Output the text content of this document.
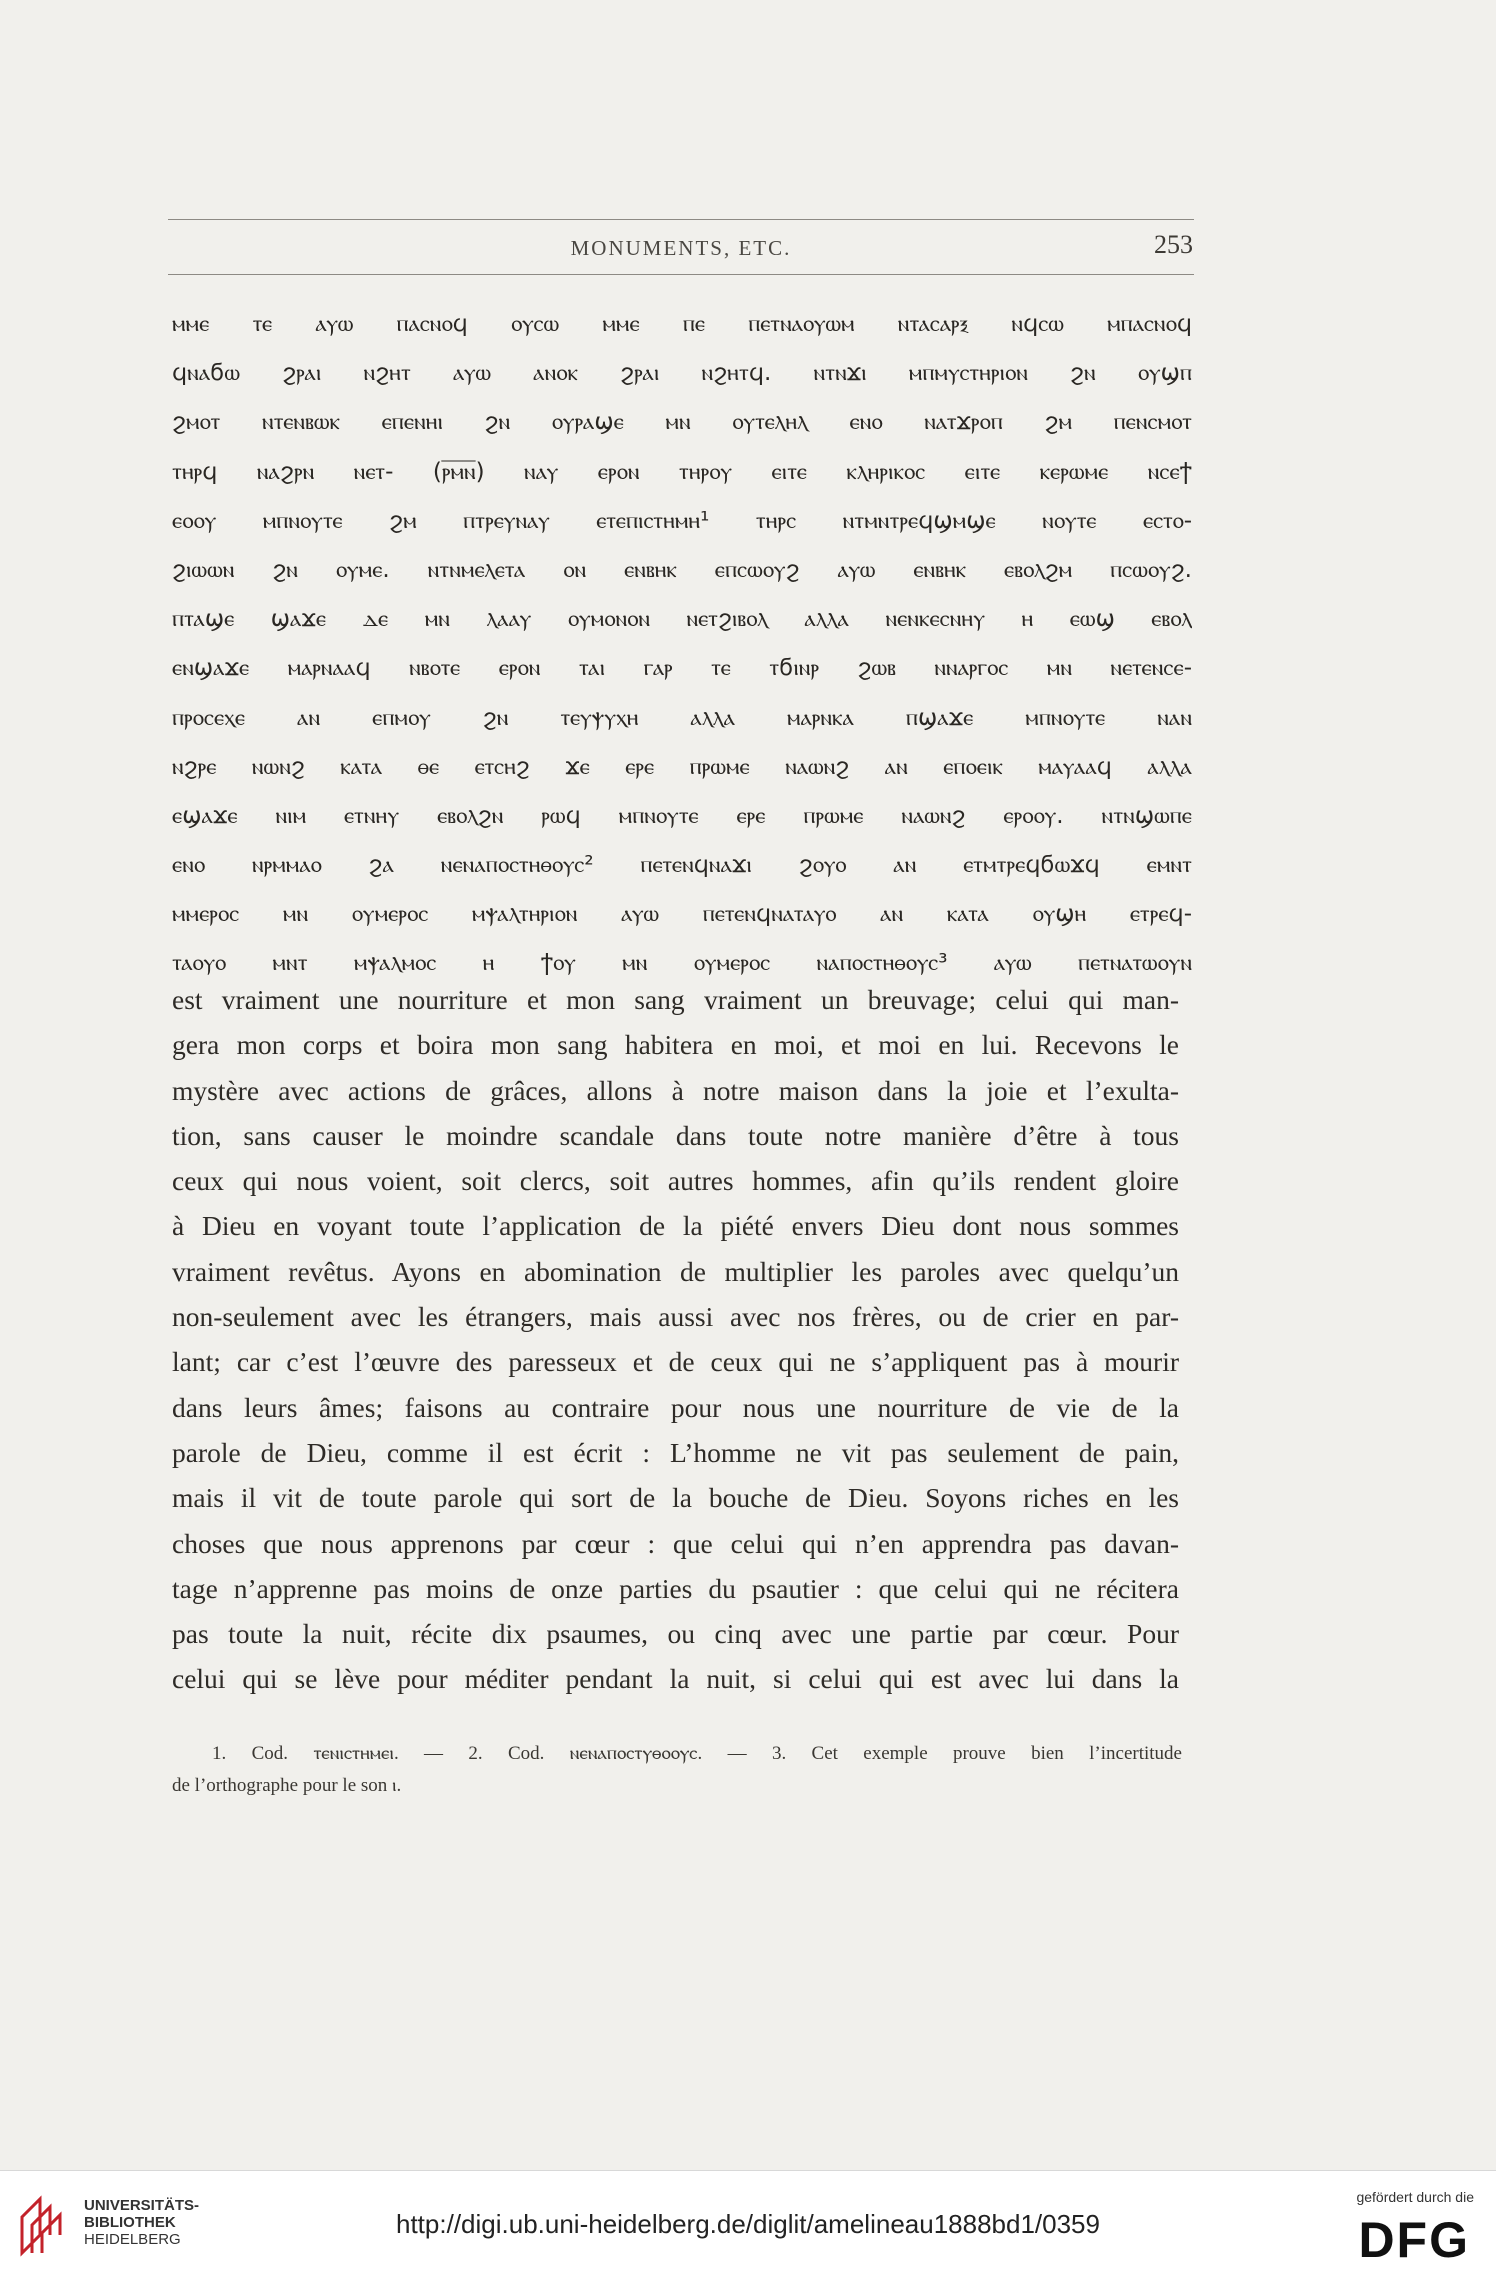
MONUMENTS, ETC.	253
ⲙⲙⲉ ⲧⲉ ⲁⲩⲱ ⲡⲁⲥⲛⲟϥ ⲟⲩⲥⲱ ⲙⲙⲉ ⲡⲉ ⲡⲉⲧⲛⲁⲟⲩⲱⲙ ⲛⲧⲁⲥⲁⲣⲝ ⲛϥⲥⲱ ⲙⲡⲁⲥⲛⲟϥ
ϥⲛⲁϭⲱ ϩⲣⲁⲓ ⲛϩⲏⲧ ⲁⲩⲱ ⲁⲛⲟⲕ ϩⲣⲁⲓ ⲛϩⲏⲧϥ. ⲛⲧⲛϫⲓ ⲙⲡⲙⲩⲥⲧⲏⲣⲓⲟⲛ ϩⲛ ⲟⲩϣⲡ
ϩⲙⲟⲧ ⲛⲧⲉⲛⲃⲱⲕ ⲉⲡⲉⲛⲏⲓ ϩⲛ ⲟⲩⲣⲁϣⲉ ⲙⲛ ⲟⲩⲧⲉⲗⲏⲗ ⲉⲛⲟ ⲛⲁⲧϫⲣⲟⲡ ϩⲙ ⲡⲉⲛⲥⲙⲟⲧ
ⲧⲏⲣϥ ⲛⲁϩⲣⲛ ⲛⲉⲧ- (ⲣ̅ⲙ̅ⲛ̅) ⲛⲁⲩ ⲉⲣⲟⲛ ⲧⲏⲣⲟⲩ ⲉⲓⲧⲉ ⲕⲗⲏⲣⲓⲕⲟⲥ ⲉⲓⲧⲉ ⲕⲉⲣⲱⲙⲉ ⲛⲥⲉϯ
ⲉⲟⲟⲩ ⲙⲡⲛⲟⲩⲧⲉ ϩⲙ ⲡⲧⲣⲉⲩⲛⲁⲩ ⲉⲧⲉⲡⲓⲥⲧⲏⲙⲏ¹ ⲧⲏⲣⲥ ⲛⲧⲙⲛⲧⲣⲉϥϣⲙϣⲉ ⲛⲟⲩⲧⲉ ⲉⲥⲧⲟ-
ϩⲓⲱⲱⲛ ϩⲛ ⲟⲩⲙⲉ. ⲛⲧⲛⲙⲉⲗⲉⲧⲁ ⲟⲛ ⲉⲛⲃⲏⲕ ⲉⲡⲥⲱⲟⲩϩ ⲁⲩⲱ ⲉⲛⲃⲏⲕ ⲉⲃⲟⲗϩⲙ ⲡⲥⲱⲟⲩϩ.
ⲡⲧⲁϣⲉ ϣⲁϫⲉ ⲇⲉ ⲙⲛ ⲗⲁⲁⲩ ⲟⲩⲙⲟⲛⲟⲛ ⲛⲉⲧϩⲓⲃⲟⲗ ⲁⲗⲗⲁ ⲛⲉⲛⲕⲉⲥⲛⲏⲩ ⲏ ⲉⲱϣ ⲉⲃⲟⲗ
ⲉⲛϣⲁϫⲉ ⲙⲁⲣⲛⲁⲁϥ ⲛⲃⲟⲧⲉ ⲉⲣⲟⲛ ⲧⲁⲓ ⲅⲁⲣ ⲧⲉ ⲧϭⲓⲛⲣ ϩⲱⲃ ⲛⲛⲁⲣⲅⲟⲥ ⲙⲛ ⲛⲉⲧⲉⲛⲥⲉ-
ⲡⲣⲟⲥⲉⲭⲉ ⲁⲛ ⲉⲡⲙⲟⲩ ϩⲛ ⲧⲉⲩⲯⲩⲭⲏ ⲁⲗⲗⲁ ⲙⲁⲣⲛⲕⲁ ⲡϣⲁϫⲉ ⲙⲡⲛⲟⲩⲧⲉ ⲛⲁⲛ
ⲛϩⲣⲉ ⲛⲱⲛϩ ⲕⲁⲧⲁ ⲑⲉ ⲉⲧⲥⲏϩ ϫⲉ ⲉⲣⲉ ⲡⲣⲱⲙⲉ ⲛⲁⲱⲛϩ ⲁⲛ ⲉⲡⲟⲉⲓⲕ ⲙⲁⲩⲁⲁϥ ⲁⲗⲗⲁ
ⲉϣⲁϫⲉ ⲛⲓⲙ ⲉⲧⲛⲏⲩ ⲉⲃⲟⲗϩⲛ ⲣⲱϥ ⲙⲡⲛⲟⲩⲧⲉ ⲉⲣⲉ ⲡⲣⲱⲙⲉ ⲛⲁⲱⲛϩ ⲉⲣⲟⲟⲩ. ⲛⲧⲛϣⲱⲡⲉ
ⲉⲛⲟ ⲛⲣⲙⲙⲁⲟ ϩⲁ ⲛⲉⲛⲁⲡⲟⲥⲧⲏⲑⲟⲩⲥ² ⲡⲉⲧⲉⲛϥⲛⲁϫⲓ ϩⲟⲩⲟ ⲁⲛ ⲉⲧⲙⲧⲣⲉϥϭⲱϫϥ ⲉⲙⲛⲧ
ⲙⲙⲉⲣⲟⲥ ⲙⲛ ⲟⲩⲙⲉⲣⲟⲥ ⲙⲯⲁⲗⲧⲏⲣⲓⲟⲛ ⲁⲩⲱ ⲡⲉⲧⲉⲛϥⲛⲁⲧⲁⲩⲟ ⲁⲛ ⲕⲁⲧⲁ ⲟⲩϣⲏ ⲉⲧⲣⲉϥ-
ⲧⲁⲟⲩⲟ ⲙⲛⲧ ⲙⲯⲁⲗⲙⲟⲥ ⲏ ϯⲟⲩ ⲙⲛ ⲟⲩⲙⲉⲣⲟⲥ ⲛⲁⲡⲟⲥⲧⲏⲑⲟⲩⲥ³ ⲁⲩⲱ ⲡⲉⲧⲛⲁⲧⲱⲟⲩⲛ
est vraiment une nourriture et mon sang vraiment un breuvage; celui qui man-
gera mon corps et boira mon sang habitera en moi, et moi en lui. Recevons le
mystère avec actions de grâces, allons à notre maison dans la joie et l’exulta-
tion, sans causer le moindre scandale dans toute notre manière d’être à tous
ceux qui nous voient, soit clercs, soit autres hommes, afin qu’ils rendent gloire
à Dieu en voyant toute l’application de la piété envers Dieu dont nous sommes
vraiment revêtus. Ayons en abomination de multiplier les paroles avec quelqu’un
non-seulement avec les étrangers, mais aussi avec nos frères, ou de crier en par-
lant; car c’est l’œuvre des paresseux et de ceux qui ne s’appliquent pas à mourir
dans leurs âmes; faisons au contraire pour nous une nourriture de vie de la
parole de Dieu, comme il est écrit : L’homme ne vit pas seulement de pain,
mais il vit de toute parole qui sort de la bouche de Dieu. Soyons riches en les
choses que nous apprenons par cœur : que celui qui n’en apprendra pas davan-
tage n’apprenne pas moins de onze parties du psautier : que celui qui ne récitera
pas toute la nuit, récite dix psaumes, ou cinq avec une partie par cœur. Pour
celui qui se lève pour méditer pendant la nuit, si celui qui est avec lui dans la
1. Cod. ⲧⲉⲛⲓⲥⲧⲏⲙⲉⲓ. — 2. Cod. ⲛⲉⲛⲁⲡⲟⲥⲧⲩⲑⲟⲟⲩⲥ. — 3. Cet exemple prouve bien l’incertitude
de l’orthographe pour le son ⲓ.
UNIVERSITÄTS-
BIBLIOTHEK
HEIDELBERG
http://digi.ub.uni-heidelberg.de/diglit/amelineau1888bd1/0359
gefördert durch die
DFG
